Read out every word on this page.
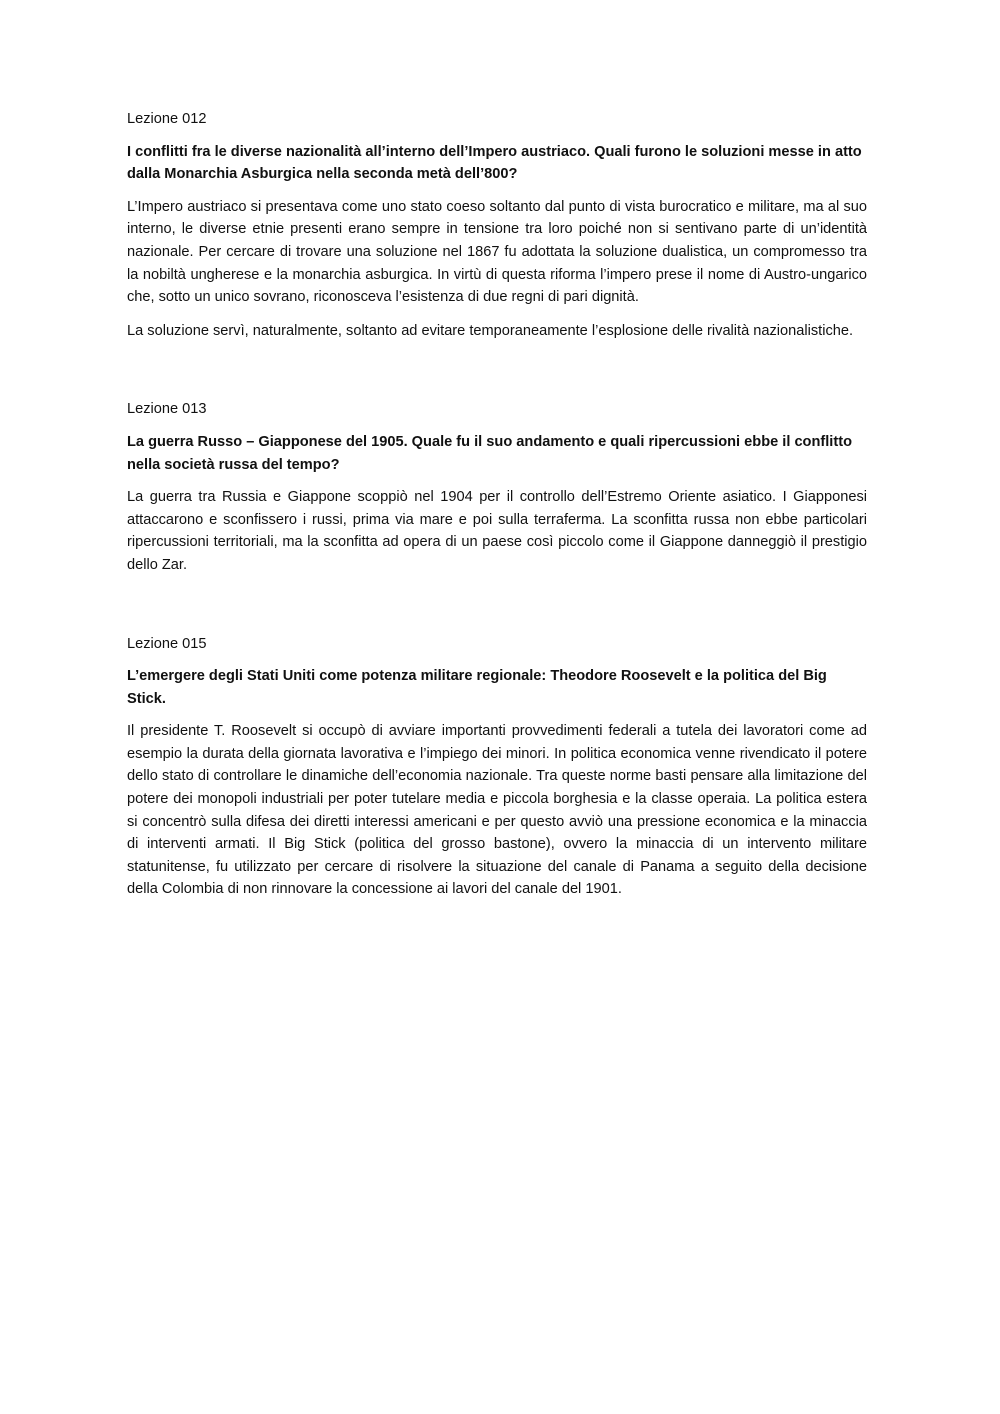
Lezione 012

I conflitti fra le diverse nazionalità all’interno dell’Impero austriaco. Quali furono le soluzioni messe in atto dalla Monarchia Asburgica nella seconda metà dell’800?

L’Impero austriaco si presentava come uno stato coeso soltanto dal punto di vista burocratico e militare, ma al suo interno, le diverse etnie presenti erano sempre in tensione tra loro poiché non si sentivano parte di un’identità nazionale. Per cercare di trovare una soluzione nel 1867 fu adottata la soluzione dualistica, un compromesso tra la nobiltà ungherese e la monarchia asburgica. In virtù di questa riforma l’impero prese il nome di Austro-ungarico che, sotto un unico sovrano, riconosceva l’esistenza di due regni di pari dignità.

La soluzione servì, naturalmente, soltanto ad evitare temporaneamente l’esplosione delle rivalità nazionalistiche.

Lezione 013

La guerra Russo – Giapponese del 1905. Quale fu il suo andamento e quali ripercussioni ebbe il conflitto nella società russa del tempo?

La guerra tra Russia e Giappone scoppiò nel 1904 per il controllo dell’Estremo Oriente asiatico. I Giapponesi attaccarono e sconfissero i russi, prima via mare e poi sulla terraferma. La sconfitta russa non ebbe particolari ripercussioni territoriali, ma la sconfitta ad opera di un paese così piccolo come il Giappone danneggiò il prestigio dello Zar.

Lezione 015

L’emergere degli Stati Uniti come potenza militare regionale: Theodore Roosevelt e la politica del Big Stick.

Il presidente T. Roosevelt si occupò di avviare importanti provvedimenti federali a tutela dei lavoratori come ad esempio la durata della giornata lavorativa e l’impiego dei minori. In politica economica venne rivendicato il potere dello stato di controllare le dinamiche dell’economia nazionale. Tra queste norme basti pensare alla limitazione del potere dei monopoli industriali per poter tutelare media e piccola borghesia e la classe operaia. La politica estera si concentrò sulla difesa dei diretti interessi americani e per questo avviò una pressione economica e la minaccia di interventi armati. Il Big Stick (politica del grosso bastone), ovvero la minaccia di un intervento militare statunitense, fu utilizzato per cercare di risolvere la situazione del canale di Panama a seguito della decisione della Colombia di non rinnovare la concessione ai lavori del canale del 1901.
